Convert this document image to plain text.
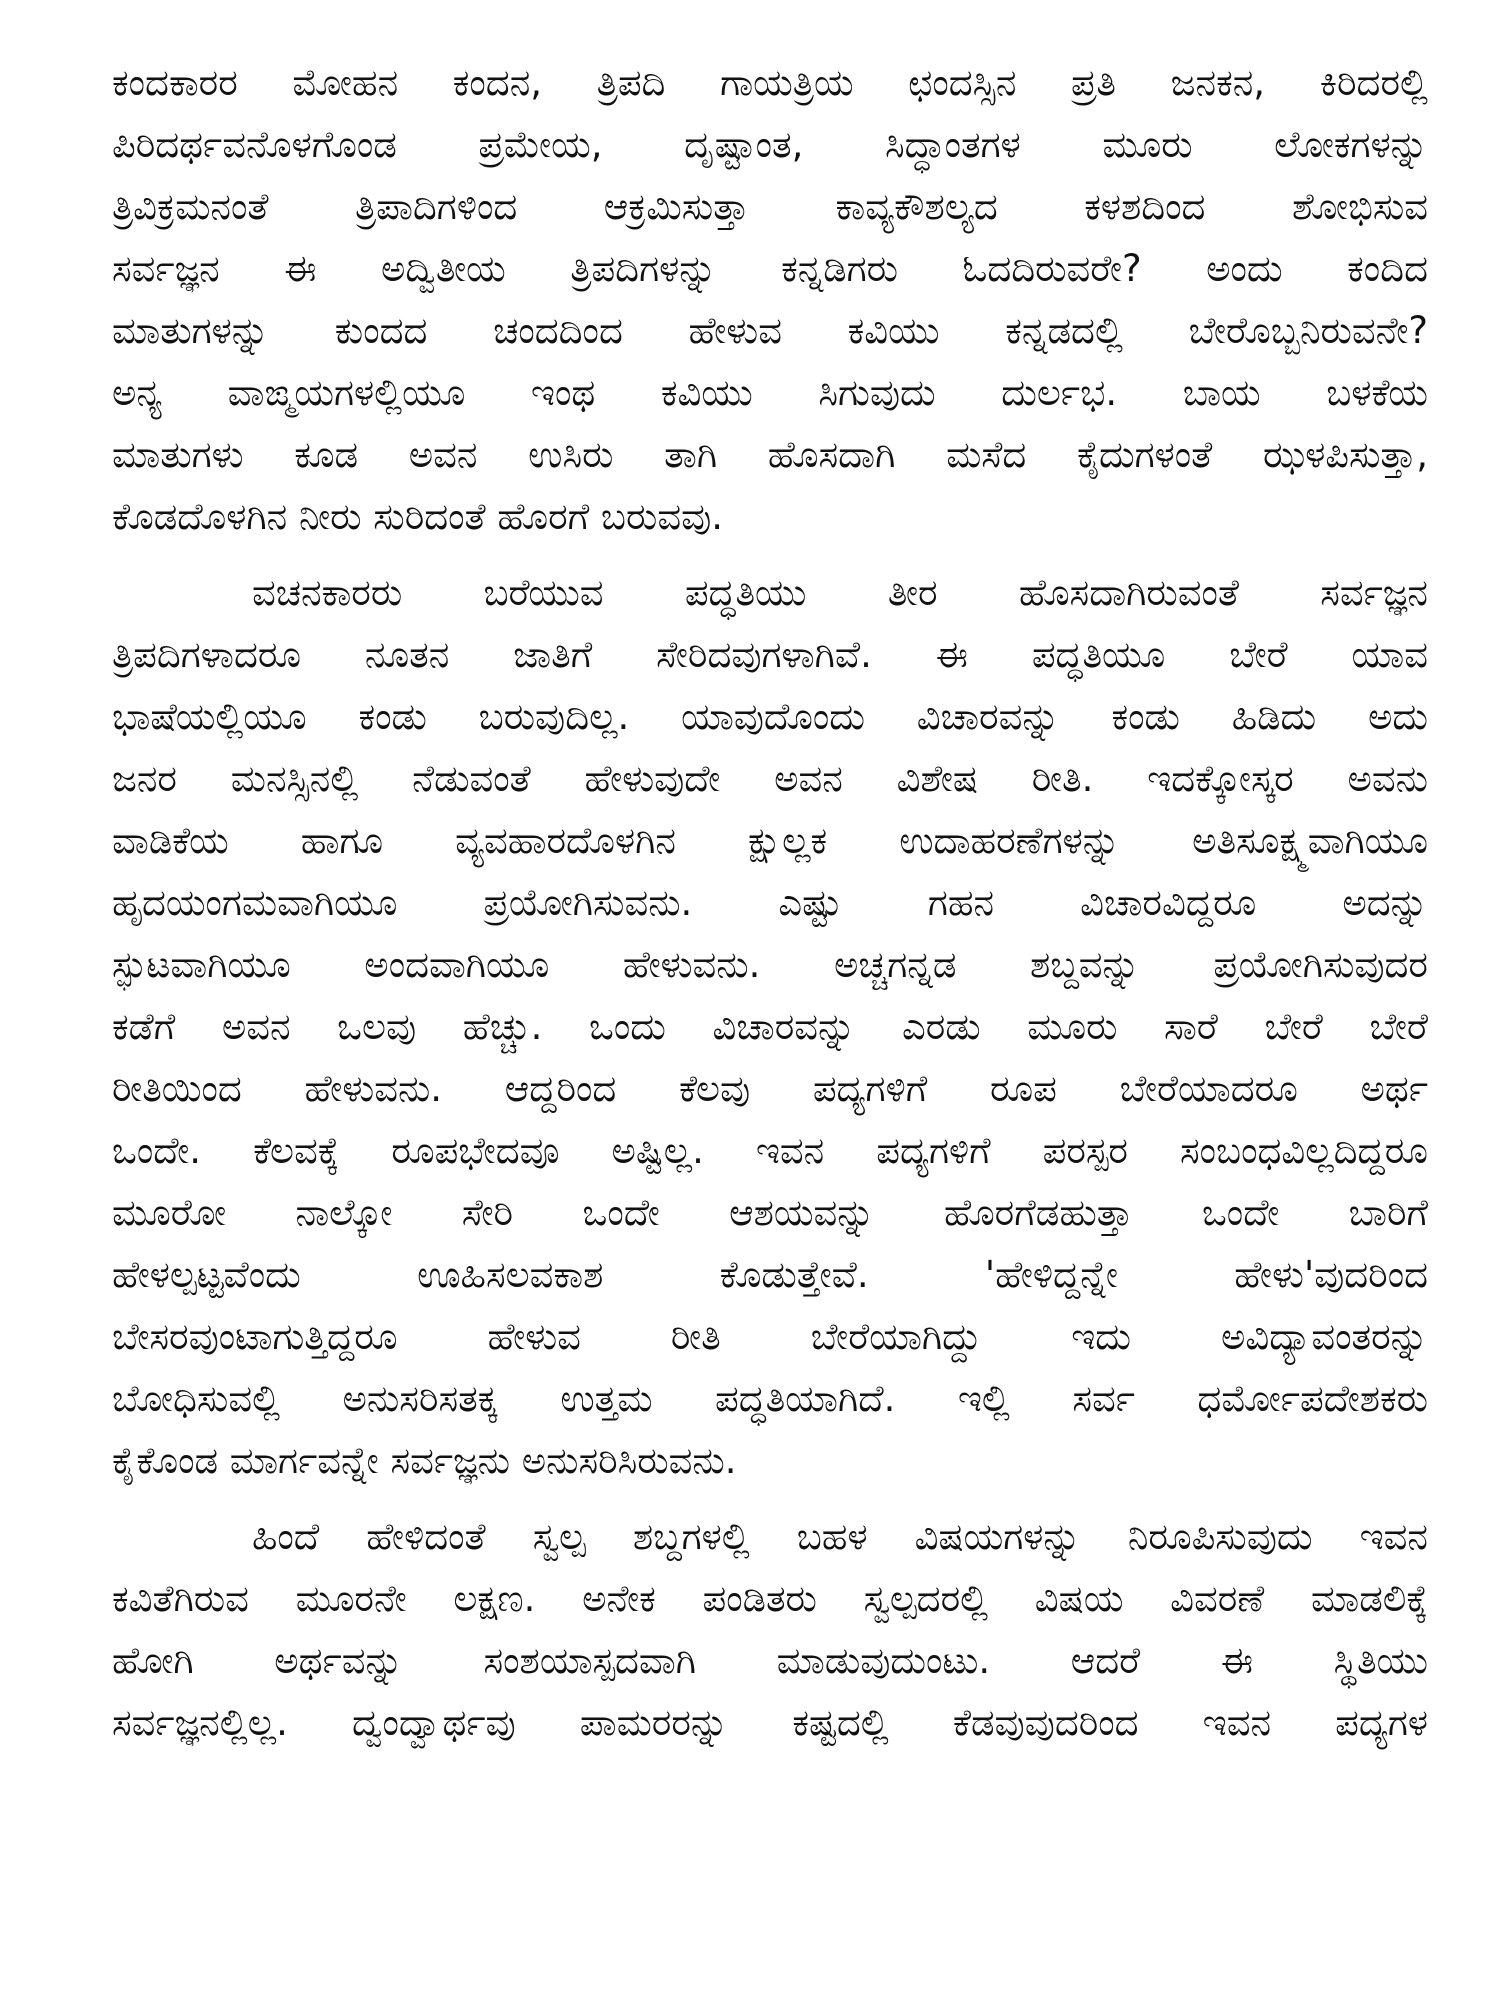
ಕಂದಕಾರರ ಮೋಹನ ಕಂದನ, ತ್ರಿಪದಿ ಗಾಯತ್ರಿಯ ಛಂದಸ್ಸಿನ ಪ್ರತಿ ಜನಕನ, ಕಿರಿದರಲ್ಲಿ
ಪಿರಿದರ್ಥವನೊಳಗೊಂಡ ಪ್ರಮೇಯ, ದೃಷ್ಟಾಂತ, ಸಿದ್ಧಾಂತಗಳ ಮೂರು ಲೋಕಗಳನ್ನು
ತ್ರಿವಿಕ್ರಮನಂತೆ ತ್ರಿಪಾದಿಗಳಿಂದ ಆಕ್ರಮಿಸುತ್ತಾ ಕಾವ್ಯಕೌಶಲ್ಯದ ಕಳಶದಿಂದ ಶೋಭಿಸುವ
ಸರ್ವಜ್ಞನ ಈ ಅದ್ವಿತೀಯ ತ್ರಿಪದಿಗಳನ್ನು ಕನ್ನಡಿಗರು ಓದದಿರುವರೇ? ಅಂದು ಕಂದಿದ
ಮಾತುಗಳನ್ನು ಕುಂದದ ಚಂದದಿಂದ ಹೇಳುವ ಕವಿಯು ಕನ್ನಡದಲ್ಲಿ ಬೇರೊಬ್ಬನಿರುವನೇ?
ಅನ್ಯ ವಾಙ್ಮಯಗಳಲ್ಲಿಯೂ ಇಂಥ ಕವಿಯು ಸಿಗುವುದು ದುರ್ಲಭ. ಬಾಯ ಬಳಕೆಯ
ಮಾತುಗಳು ಕೂಡ ಅವನ ಉಸಿರು ತಾಗಿ ಹೊಸದಾಗಿ ಮಸೆದ ಕೈದುಗಳಂತೆ ಝಳಪಿಸುತ್ತಾ,
ಕೊಡದೊಳಗಿನ ನೀರು ಸುರಿದಂತೆ ಹೊರಗೆ ಬರುವವು.
ವಚನಕಾರರು ಬರೆಯುವ ಪದ್ಧತಿಯು ತೀರ ಹೊಸದಾಗಿರುವಂತೆ ಸರ್ವಜ್ಞನ
ತ್ರಿಪದಿಗಳಾದರೂ ನೂತನ ಜಾತಿಗೆ ಸೇರಿದವುಗಳಾಗಿವೆ. ಈ ಪದ್ಧತಿಯೂ ಬೇರೆ ಯಾವ
ಭಾಷೆಯಲ್ಲಿಯೂ ಕಂಡು ಬರುವುದಿಲ್ಲ. ಯಾವುದೊಂದು ವಿಚಾರವನ್ನು ಕಂಡು ಹಿಡಿದು ಅದು
ಜನರ ಮನಸ್ಸಿನಲ್ಲಿ ನೆಡುವಂತೆ ಹೇಳುವುದೇ ಅವನ ವಿಶೇಷ ರೀತಿ. ಇದಕ್ಕೋಸ್ಕರ ಅವನು
ವಾಡಿಕೆಯ ಹಾಗೂ ವ್ಯವಹಾರದೊಳಗಿನ ಕ್ಷುಲ್ಲಕ ಉದಾಹರಣೆಗಳನ್ನು ಅತಿಸೂಕ್ಷ್ಮವಾಗಿಯೂ
ಹೃದಯಂಗಮವಾಗಿಯೂ ಪ್ರಯೋಗಿಸುವನು. ಎಷ್ಟು ಗಹನ ವಿಚಾರವಿದ್ದರೂ ಅದನ್ನು
ಸ್ಫುಟವಾಗಿಯೂ ಅಂದವಾಗಿಯೂ ಹೇಳುವನು. ಅಚ್ಚಗನ್ನಡ ಶಬ್ದವನ್ನು ಪ್ರಯೋಗಿಸುವುದರ
ಕಡೆಗೆ ಅವನ ಒಲವು ಹೆಚ್ಚು. ಒಂದು ವಿಚಾರವನ್ನು ಎರಡು ಮೂರು ಸಾರೆ ಬೇರೆ ಬೇರೆ
ರೀತಿಯಿಂದ ಹೇಳುವನು. ಆದ್ದರಿಂದ ಕೆಲವು ಪದ್ಯಗಳಿಗೆ ರೂಪ ಬೇರೆಯಾದರೂ ಅರ್ಥ
ಒಂದೇ. ಕೆಲವಕ್ಕೆ ರೂಪಭೇದವೂ ಅಷ್ಟಿಲ್ಲ. ಇವನ ಪದ್ಯಗಳಿಗೆ ಪರಸ್ಪರ ಸಂಬಂಧವಿಲ್ಲದಿದ್ದರೂ
ಮೂರೋ ನಾಲ್ಕೋ ಸೇರಿ ಒಂದೇ ಆಶಯವನ್ನು ಹೊರಗೆಡಹುತ್ತಾ ಒಂದೇ ಬಾರಿಗೆ
ಹೇಳಲ್ಪಟ್ಟವೆಂದು ಊಹಿಸಲವಕಾಶ ಕೊಡುತ್ತೇವೆ. 'ಹೇಳಿದ್ದನ್ನೇ ಹೇಳು'ವುದರಿಂದ
ಬೇಸರವುಂಟಾಗುತ್ತಿದ್ದರೂ ಹೇಳುವ ರೀತಿ ಬೇರೆಯಾಗಿದ್ದು ಇದು ಅವಿದ್ಯಾವಂತರನ್ನು
ಬೋಧಿಸುವಲ್ಲಿ ಅನುಸರಿಸತಕ್ಕ ಉತ್ತಮ ಪದ್ಧತಿಯಾಗಿದೆ. ಇಲ್ಲಿ ಸರ್ವ ಧರ್ಮೋಪದೇಶಕರು
ಕೈಕೊಂಡ ಮಾರ್ಗವನ್ನೇ ಸರ್ವಜ್ಞನು ಅನುಸರಿಸಿರುವನು.
ಹಿಂದೆ ಹೇಳಿದಂತೆ ಸ್ವಲ್ಪ ಶಬ್ದಗಳಲ್ಲಿ ಬಹಳ ವಿಷಯಗಳನ್ನು ನಿರೂಪಿಸುವುದು ಇವನ
ಕವಿತೆಗಿರುವ ಮೂರನೇ ಲಕ್ಷಣ. ಅನೇಕ ಪಂಡಿತರು ಸ್ವಲ್ಪದರಲ್ಲಿ ವಿಷಯ ವಿವರಣೆ ಮಾಡಲಿಕ್ಕೆ
ಹೋಗಿ ಅರ್ಥವನ್ನು ಸಂಶಯಾಸ್ಪದವಾಗಿ ಮಾಡುವುದುಂಟು. ಆದರೆ ಈ ಸ್ಥಿತಿಯು
ಸರ್ವಜ್ಞನಲ್ಲಿಲ್ಲ. ದ್ವಂದ್ವಾರ್ಥವು ಪಾಮರರನ್ನು ಕಷ್ಟದಲ್ಲಿ ಕೆಡವುವುದರಿಂದ ಇವನ ಪದ್ಯಗಳ
